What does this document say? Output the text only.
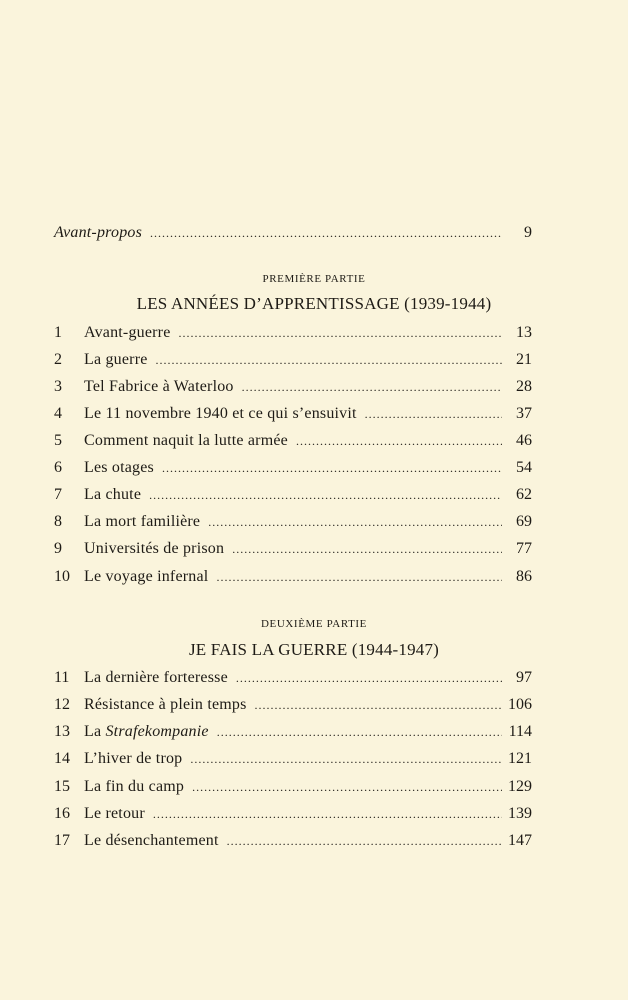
Avant-propos . . .	9
PREMIÈRE PARTIE
LES ANNÉES D’APPRENTISSAGE (1939-1944)
1	Avant-guerre . . .	13
2	La guerre . . .	21
3	Tel Fabrice à Waterloo . . .	28
4	Le 11 novembre 1940 et ce qui s’ensuivit . . .	37
5	Comment naquit la lutte armée . . .	46
6	Les otages . . .	54
7	La chute . . .	62
8	La mort familière . . .	69
9	Universités de prison . . .	77
10 Le voyage infernal . . .	86
DEUXIÈME PARTIE
JE FAIS LA GUERRE (1944-1947)
11 La dernière forteresse . . .	97
12 Résistance à plein temps . . .	106
13 La Strafekompanie . . .	114
14 L’hiver de trop . . .	121
15 La fin du camp . . .	129
16 Le retour . . .	139
17 Le désenchantement . . .	147
